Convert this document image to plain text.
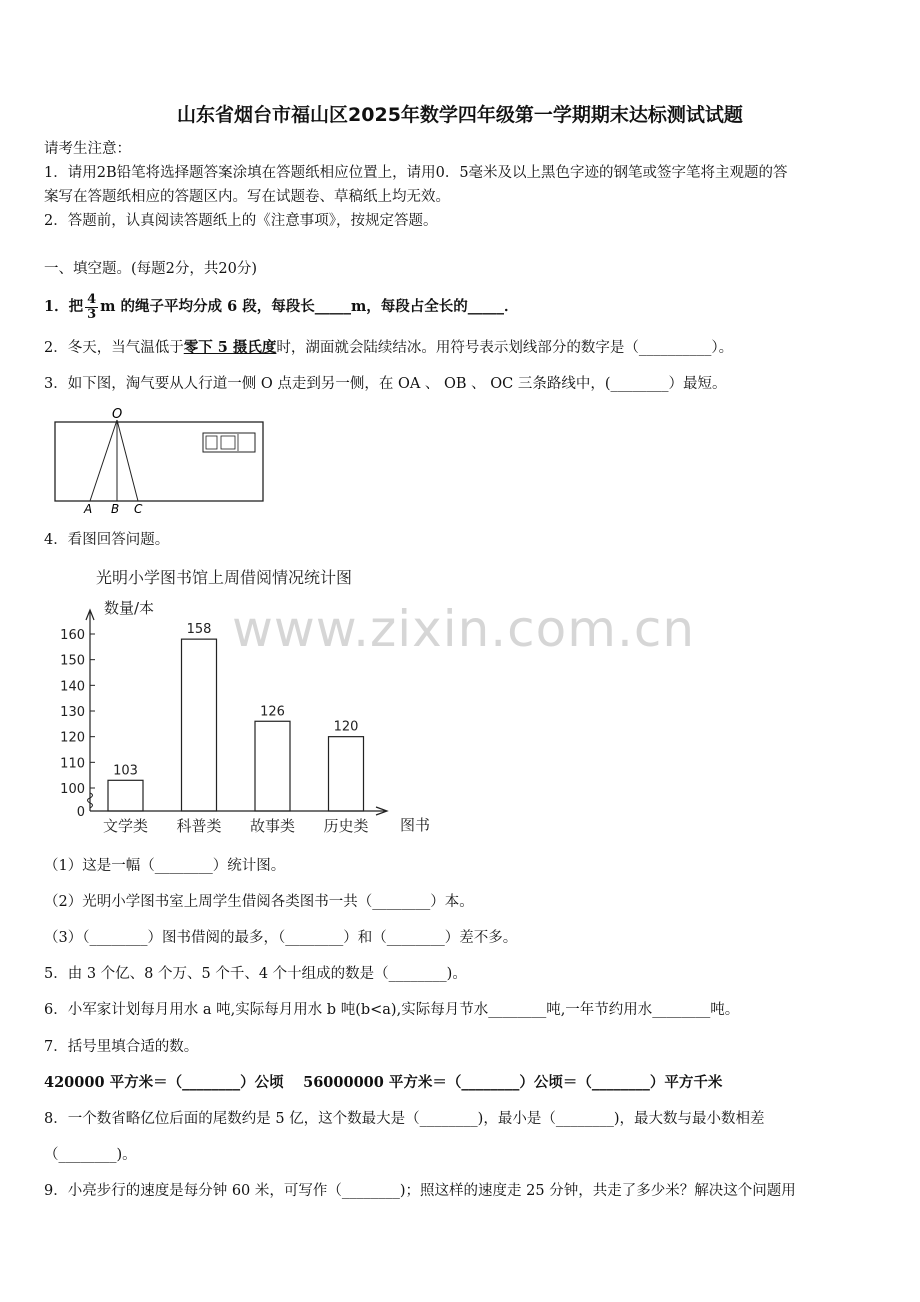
山东省烟台市福山区2025年数学四年级第一学期期末达标测试试题
请考生注意：
1．请用2B铅笔将选择题答案涂填在答题纸相应位置上，请用0．5毫米及以上黑色字迹的钢笔或签字笔将主观题的答
案写在答题纸相应的答题区内。写在试题卷、草稿纸上均无效。
2．答题前，认真阅读答题纸上的《注意事项》，按规定答题。
一、填空题。(每题2分，共20分)
1．把 $\frac{4}{3}$ m 的绳子平均分成 6 段，每段长_____m，每段占全长的_____．
2．冬天，当气温低于零下 5 摄氏度时，湖面就会陆续结冰。用符号表示划线部分的数字是（__________）。
3．如下图，淘气要从人行道一侧 O 点走到另一侧，在 OA 、 OB 、 OC 三条路线中，(________）最短。
O
A B C
4．看图回答问题。
光明小学图书馆上周借阅情况统计图
数量/本
图书
0
100
110
120
130
140
150
160
103
文学类
158
科普类
126
故事类
120
历史类
www.zixin.com.cn
（1）这是一幅（________）统计图。
（2）光明小学图书室上周学生借阅各类图书一共（________）本。
（3）（________）图书借阅的最多，（________）和（________）差不多。
5．由 3 个亿、8 个万、5 个千、4 个十组成的数是（________)。
6．小军家计划每月用水 a 吨,实际每月用水 b 吨(b<a),实际每月节水________吨,一年节约用水________吨。
7．括号里填合适的数。
420000 平方米＝（________）公顷　 56000000 平方米＝（________）公顷＝（________）平方千米
8．一个数省略亿位后面的尾数约是 5 亿，这个数最大是（________)，最小是（________)，最大数与最小数相差
（________)。
9．小亮步行的速度是每分钟 60 米，可写作（________)；照这样的速度走 25 分钟，共走了多少米？解决这个问题用
